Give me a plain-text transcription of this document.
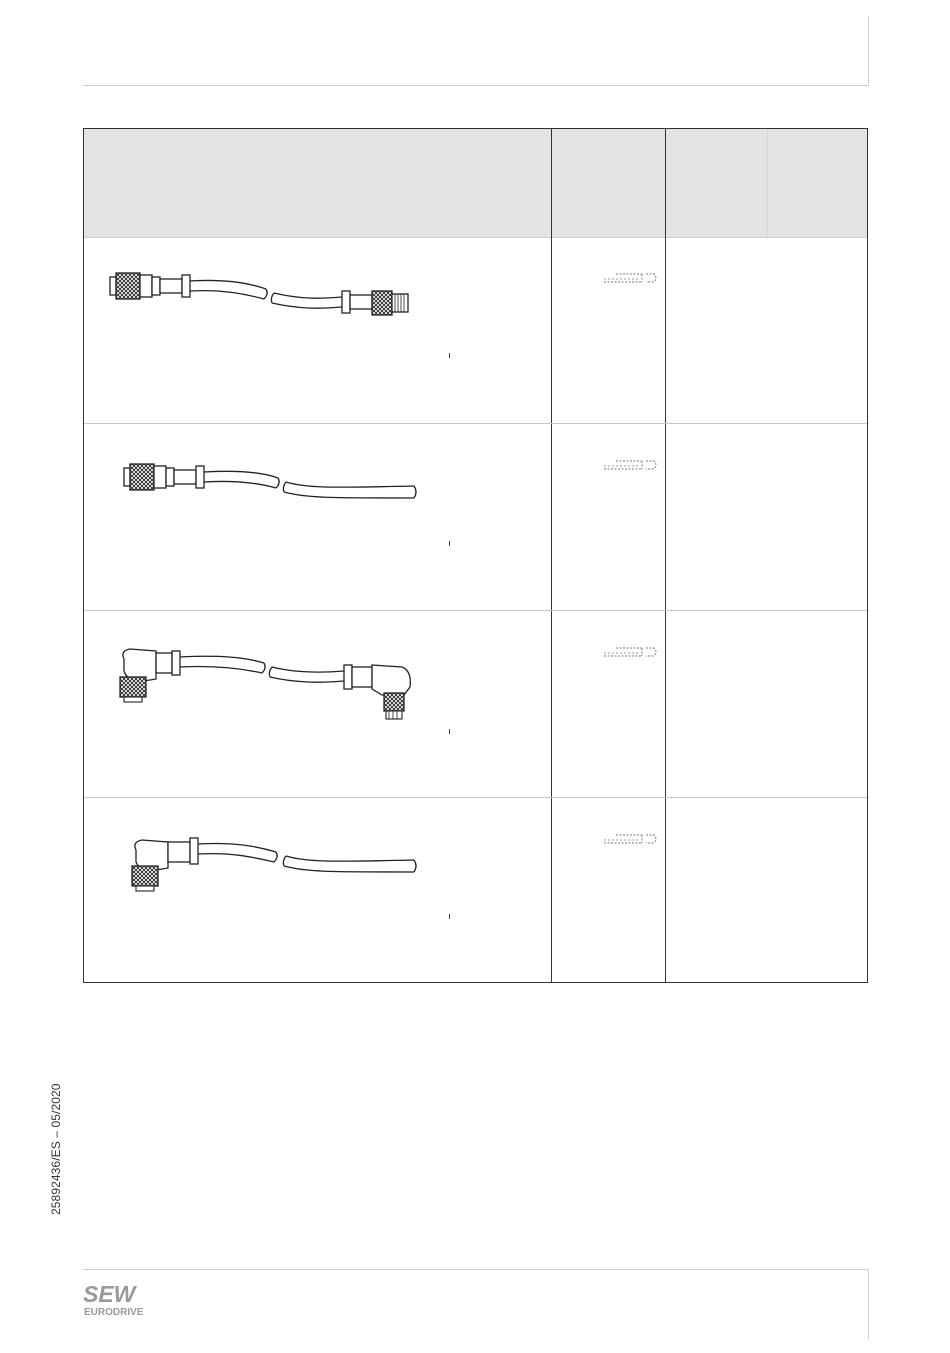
25892436/ES – 05/2020
SEW
EURODRIVE
